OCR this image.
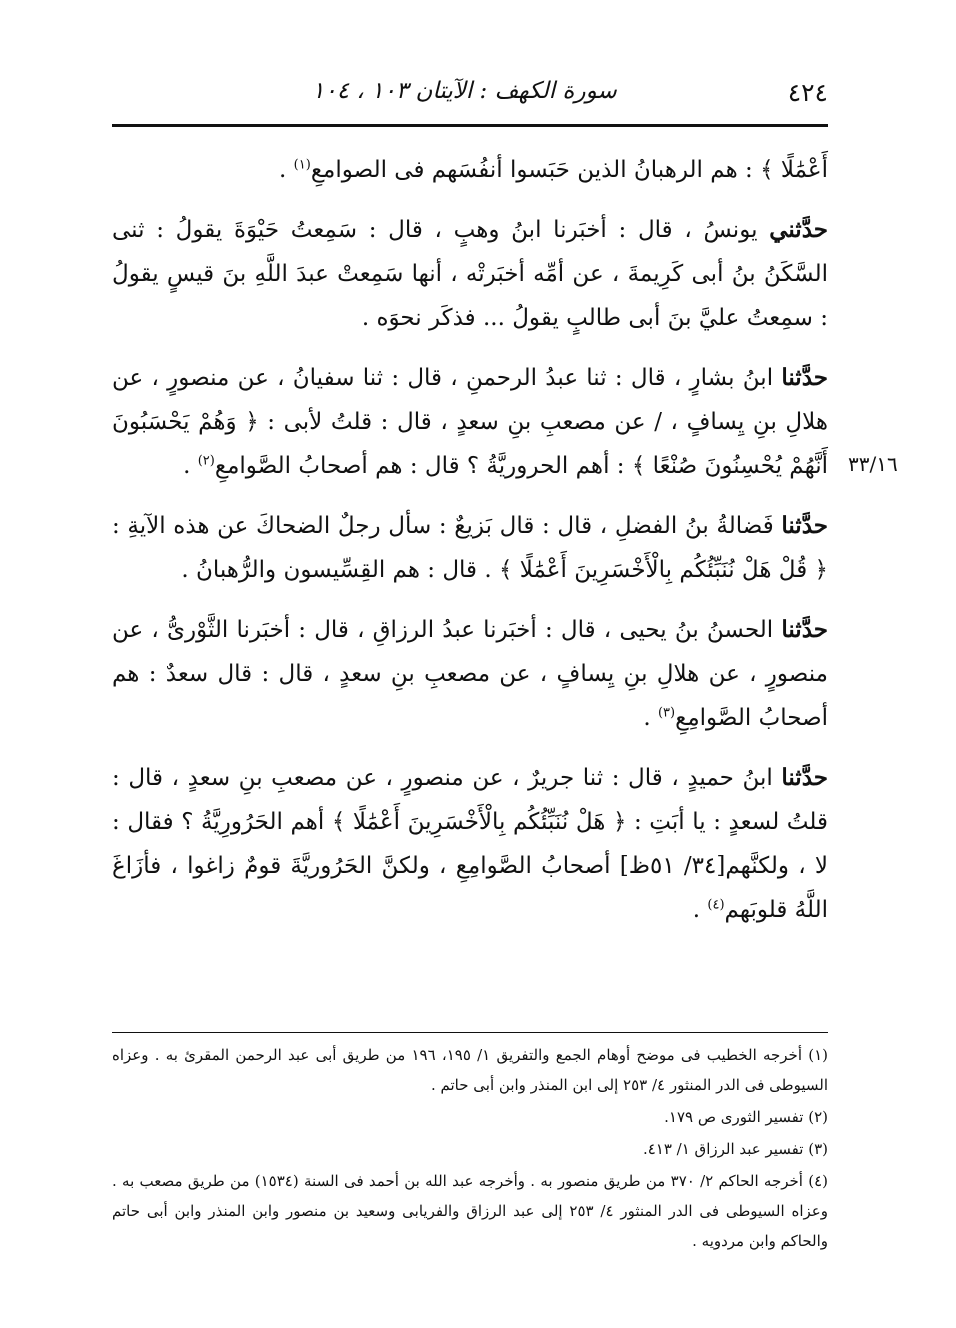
٤٢٤
سورة الكهف : الآيتان ١٠٣ ، ١٠٤
٣٣/١٦

أَعْمَٰلًا ﴾ : هم الرهبانُ الذين حَبَسوا أنفُسَهم فى الصوامعِ$^{(١)}$ .

حدَّثني يونسُ ، قال : أخبَرنا ابنُ وهبٍ ، قال : سَمِعتُ حَيْوَةَ يقولُ : ثنى السَّكَنُ بنُ أبى كَرِيمةَ ، عن أمِّه أخبَرتْه ، أنها سَمِعتْ عبدَ اللَّهِ بنَ قيسٍ يقولُ : سمِعتُ عليَّ بنَ أبى طالبٍ يقولُ ... فذكَر نحوَه .

حدَّثنا ابنُ بشارٍ ، قال : ثنا عبدُ الرحمنِ ، قال : ثنا سفيانُ ، عن منصورٍ ، عن هلالِ بنِ يِسافٍ ، / عن مصعبِ بنِ سعدٍ ، قال : قلتُ لأبى : ﴿ وَهُمْ يَحْسَبُونَ أَنَّهُمْ يُحْسِنُونَ صُنْعًا ﴾ : أهم الحروريَّةُ ؟ قال : هم أصحابُ الصَّوامعِ$^{(٢)}$ .

حدَّثنا فَضالةُ بنُ الفضلِ ، قال : قال بَزيعٌ : سأل رجلٌ الضحاكَ عن هذه الآيةِ : ﴿ قُلْ هَلْ نُنَبِّئُكُم بِالْأَخْسَرِينَ أَعْمَٰلًا ﴾ . قال : هم القِسِّيسون والرُّهبانُ .

حدَّثنا الحسنُ بنُ يحيى ، قال : أخبَرنا عبدُ الرزاقِ ، قال : أخبَرنا الثَّوْرىُّ ، عن منصورٍ ، عن هلالِ بنِ يِسافٍ ، عن مصعبِ بنِ سعدٍ ، قال : قال سعدٌ : هم أصحابُ الصَّوامِعِ$^{(٣)}$ .

حدَّثنا ابنُ حميدٍ ، قال : ثنا جريرٌ ، عن منصورٍ ، عن مصعبِ بنِ سعدٍ ، قال : قلتُ لسعدٍ : يا أبَتِ : ﴿ هَلْ نُنَبِّئُكُم بِالْأَخْسَرِينَ أَعْمَٰلًا ﴾ أهم الحَرُورِيَّةُ ؟ فقال : لا ، ولكنَّهم[٣٤/ ٥١ظ] أصحابُ الصَّوامِعِ ، ولكنَّ الحَرُوريَّةَ قومٌ زاغوا ، فأزَاغَ اللَّهُ قلوبَهم$^{(٤)}$ .

(١) أخرجه الخطيب فى موضح أوهام الجمع والتفريق ١/ ١٩٥، ١٩٦ من طريق أبى عبد الرحمن المقرئ به . وعزاه السيوطى فى الدر المنثور ٤/ ٢٥٣ إلى ابن المنذر وابن أبى حاتم .

(٢) تفسير الثورى ص ١٧٩.

(٣) تفسير عبد الرزاق ١/ ٤١٣.

(٤) أخرجه الحاكم ٢/ ٣٧٠ من طريق منصور به . وأخرجه عبد الله بن أحمد فى السنة (١٥٣٤) من طريق مصعب به . وعزاه السيوطى فى الدر المنثور ٤/ ٢٥٣ إلى عبد الرزاق والفريابى وسعيد بن منصور وابن المنذر وابن أبى حاتم والحاكم وابن مردويه .
